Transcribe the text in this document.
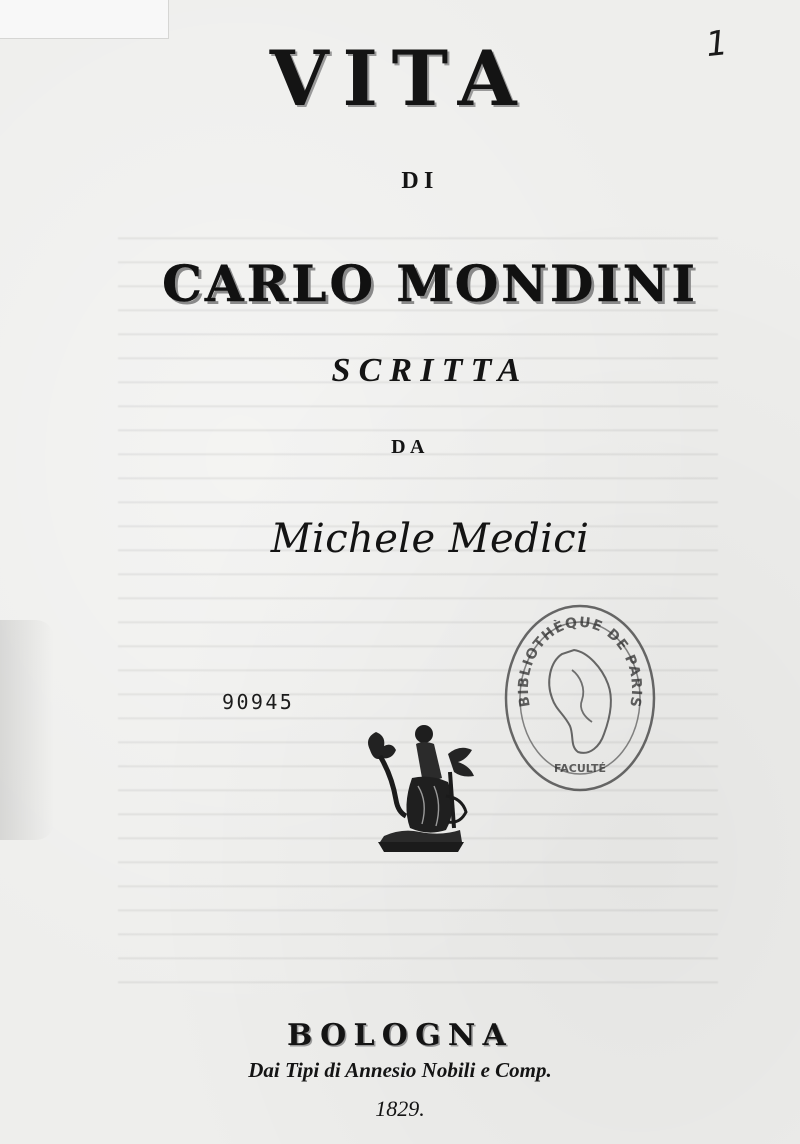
1
VITA
DI
CARLO MONDINI
SCRITTA
DA
Michele Medici
90945	BIBLIOTHÈQUE DE PARIS
FACULTÉ
BOLOGNA
Dai Tipi di Annesio Nobili e Comp.
1829.
